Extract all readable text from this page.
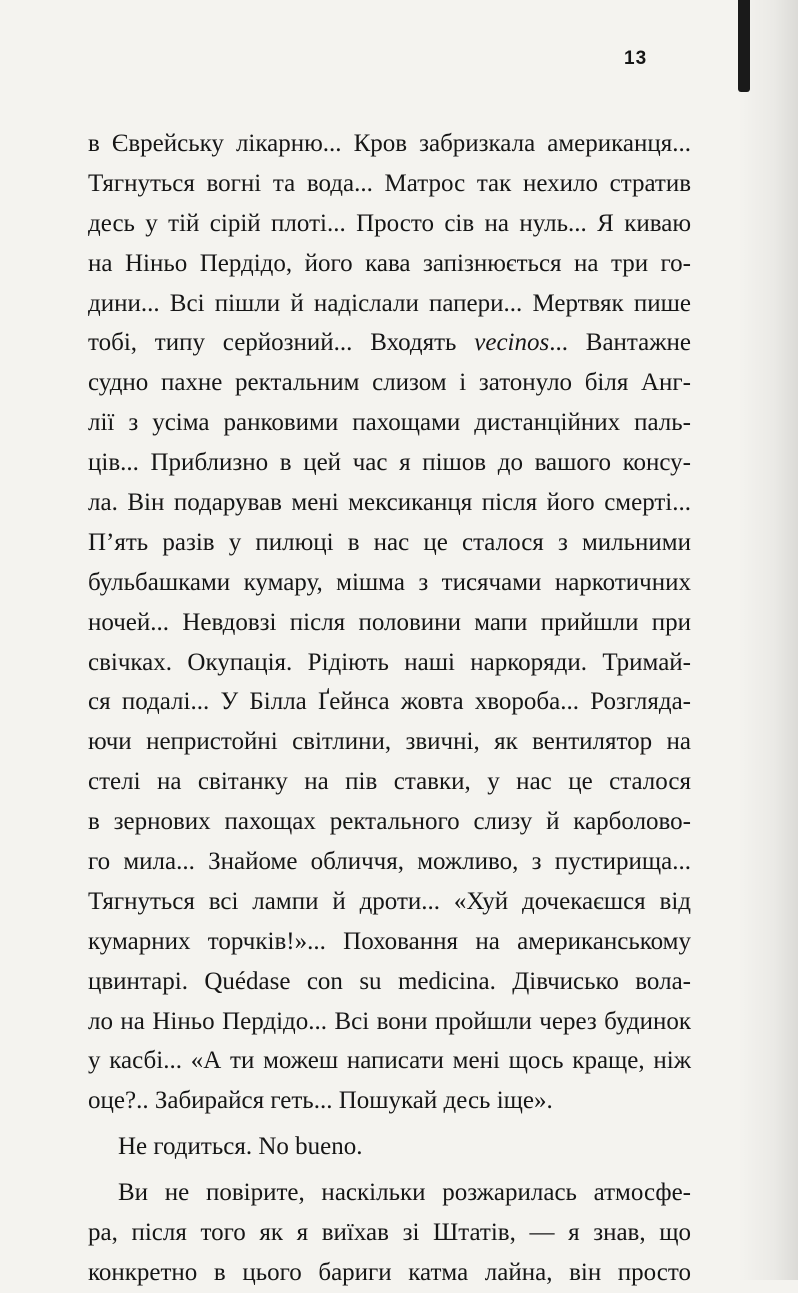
13
в Єврейську лікарню... Кров забризкала американця...
Тягнуться вогні та вода... Матрос так нехило стратив
десь у тій сірій плоті... Просто сів на нуль... Я киваю
на Ніньо Пердідо, його кава запізнюється на три го-
дини... Всі пішли й надіслали папери... Мертвяк пише
тобі, типу серйозний... Входять vecinos... Вантажне
судно пахне ректальним слизом і затонуло біля Анг-
лії з усіма ранковими пахощами дистанційних паль-
ців... Приблизно в цей час я пішов до вашого консу-
ла. Він подарував мені мексиканця після його смерті...
П’ять разів у пилюці в нас це сталося з мильними
бульбашками кумару, мішма з тисячами наркотичних
ночей... Невдовзі після половини мапи прийшли при
свічках. Окупація. Рідіють наші наркоряди. Тримай-
ся подалі... У Білла Ґейнса жовта хвороба... Розгляда-
ючи непристойні світлини, звичні, як вентилятор на
стелі на світанку на пів ставки, у нас це сталося
в зернових пахощах ректального слизу й карболово-
го мила... Знайоме обличчя, можливо, з пустирища...
Тягнуться всі лампи й дроти... «Хуй дочекаєшся від
кумарних торчків!»... Поховання на американському
цвинтарі. Quédase con su medicina. Дівчисько вола-
ло на Ніньо Пердідо... Всі вони пройшли через будинок
у касбі... «А ти можеш написати мені щось краще, ніж
оце?.. Забирайся геть... Пошукай десь іще».
Не годиться. No bueno.
Ви не повірите, наскільки розжарилась атмосфе-
ра, після того як я виїхав зі Штатів, — я знав, що
конкретно в цього бариги катма лайна, він просто
